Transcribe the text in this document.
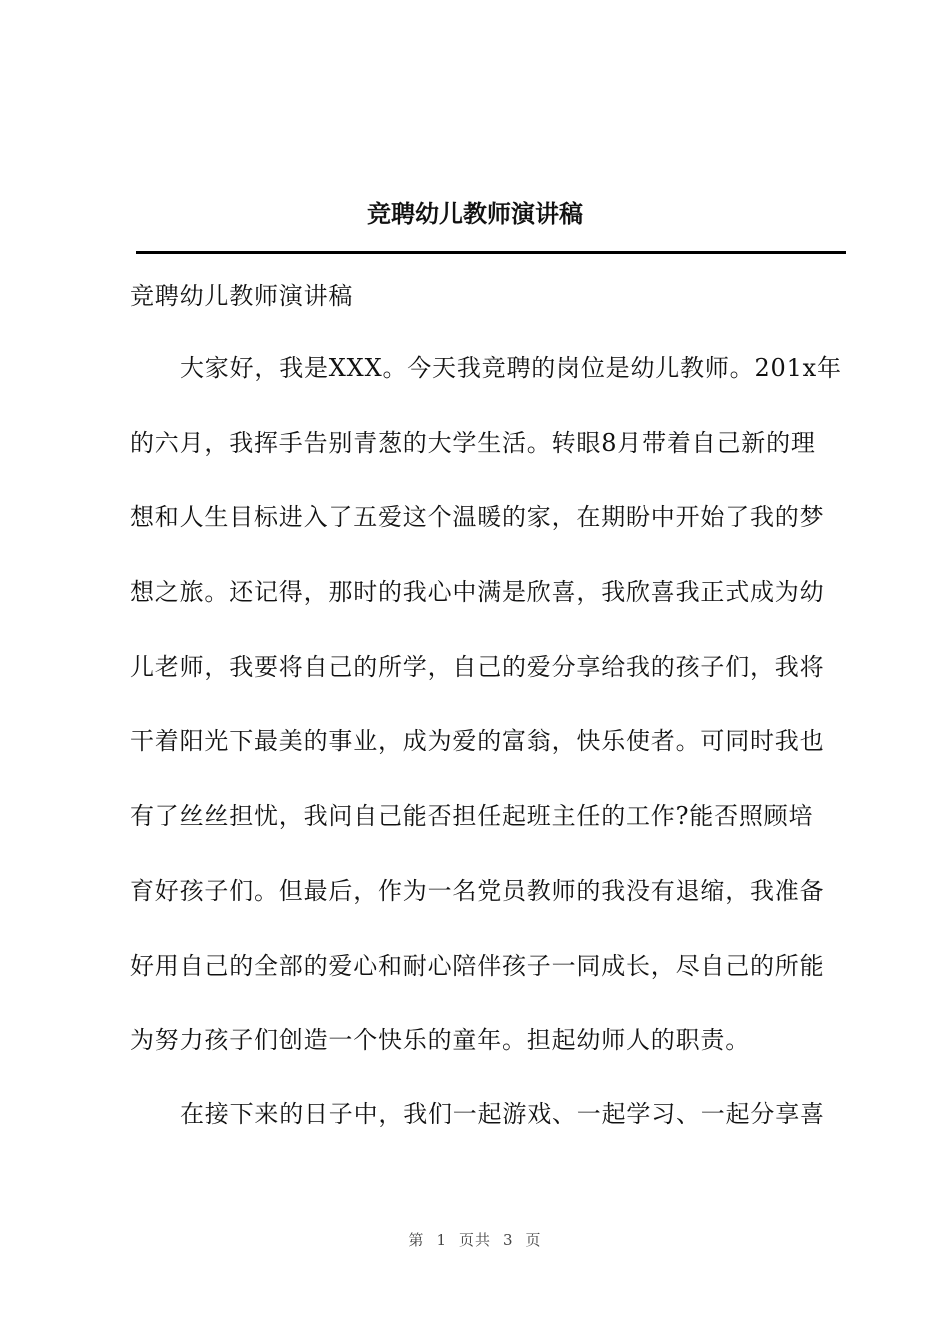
竞聘幼儿教师演讲稿
竞聘幼儿教师演讲稿
大家好，我是XXX。今天我竞聘的岗位是幼儿教师。201x年
的六月，我挥手告别青葱的大学生活。转眼8月带着自己新的理
想和人生目标进入了五爱这个温暖的家，在期盼中开始了我的梦
想之旅。还记得，那时的我心中满是欣喜，我欣喜我正式成为幼
儿老师，我要将自己的所学，自己的爱分享给我的孩子们，我将
干着阳光下最美的事业，成为爱的富翁，快乐使者。可同时我也
有了丝丝担忧，我问自己能否担任起班主任的工作?能否照顾培
育好孩子们。但最后，作为一名党员教师的我没有退缩，我准备
好用自己的全部的爱心和耐心陪伴孩子一同成长，尽自己的所能
为努力孩子们创造一个快乐的童年。担起幼师人的职责。
在接下来的日子中，我们一起游戏、一起学习、一起分享喜
第 1 页共 3 页
